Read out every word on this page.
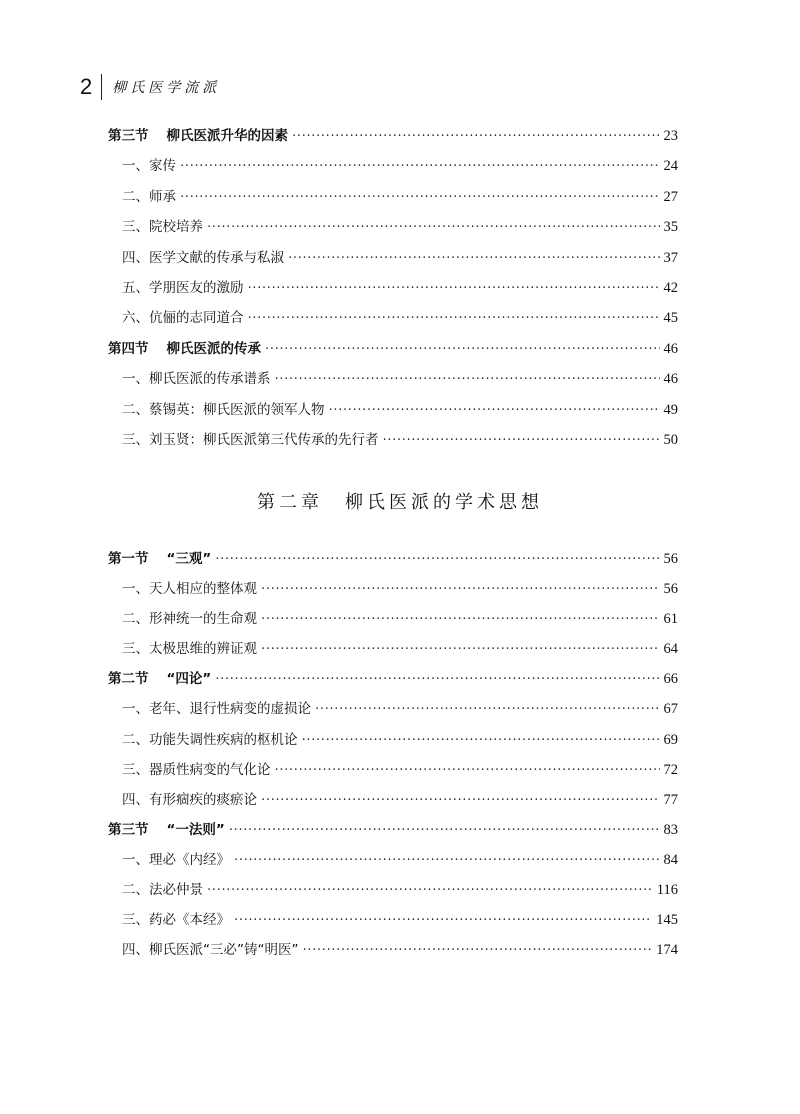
2 柳氏医学流派
第三节 柳氏医派升华的因素 ·····	23
一、家传 ·····	24
二、师承 ·····	27
三、院校培养 ·····	35
四、医学文献的传承与私淑 ·····	37
五、学朋医友的激励 ·····	42
六、伉俪的志同道合 ·····	45
第四节 柳氏医派的传承 ·····	46
一、柳氏医派的传承谱系 ·····	46
二、蔡锡英：柳氏医派的领军人物 ·····	49
三、刘玉贤：柳氏医派第三代传承的先行者 ·····	50
第二章 柳氏医派的学术思想
第一节 “三观” ·····	56
一、天人相应的整体观 ·····	56
二、形神统一的生命观 ·····	61
三、太极思维的辨证观 ·····	64
第二节 “四论” ·····	66
一、老年、退行性病变的虚损论 ·····	67
二、功能失调性疾病的枢机论 ·····	69
三、器质性病变的气化论 ·····	72
四、有形痼疾的痰瘀论 ·····	77
第三节 “一法则” ·····	83
一、理必《内经》 ·····	84
二、法必仲景 ·····	116
三、药必《本经》 ·····	145
四、柳氏医派“三必”铸“明医” ·····	174
